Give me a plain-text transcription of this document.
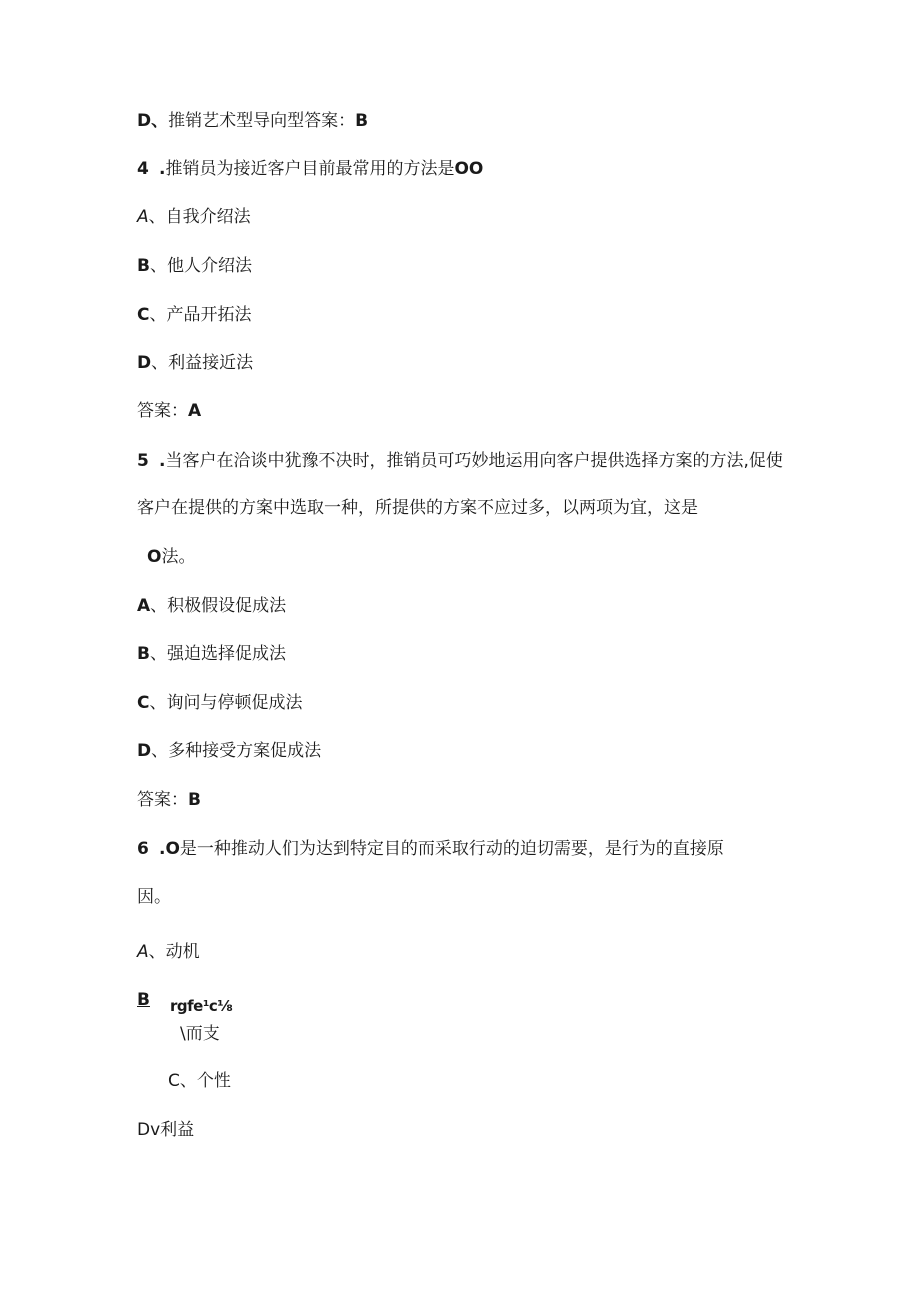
D、推销艺术型导向型答案：B
4 .推销员为接近客户目前最常用的方法是OO
A、自我介绍法
B、他人介绍法
C、产品开拓法
D、利益接近法
答案：A
5 .当客户在洽谈中犹豫不决时，推销员可巧妙地运用向客户提供选择方案的方法,促使
客户在提供的方案中选取一种，所提供的方案不应过多，以两项为宜，这是
O法。
A、积极假设促成法
B、强迫选择促成法
C、询问与停顿促成法
D、多种接受方案促成法
答案：B
6 .O是一种推动人们为达到特定目的而采取行动的迫切需要，是行为的直接原
因。
A、动机
B rgfe¹c⅛
\而支
C、个性
Dv利益
